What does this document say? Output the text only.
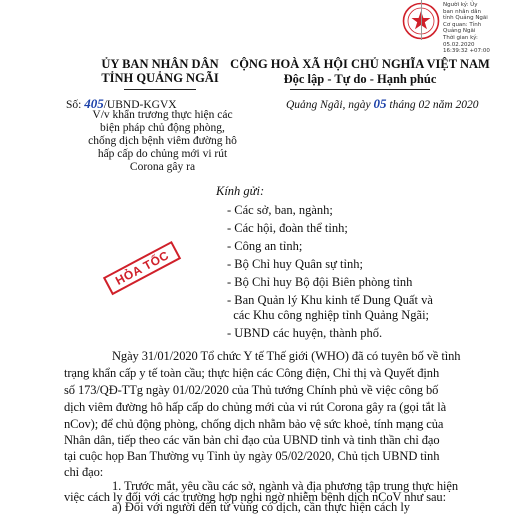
Người ký: Ủy
ban nhân dân
tỉnh Quảng Ngãi
Cơ quan: Tỉnh
Quảng Ngãi
Thời gian ký:
05.02.2020
16:39:32 +07:00
ỦY BAN NHÂN DÂN
TỈNH QUẢNG NGÃI
CỘNG HOÀ XÃ HỘI CHỦ NGHĨA VIỆT NAM
Độc lập - Tự do - Hạnh phúc
Quảng Ngãi, ngày 05 tháng 02 năm 2020
Số: 405/UBND-KGVX
V/v khẩn trương thực hiện các
biện pháp chủ động phòng,
chống dịch bệnh viêm đường hô
hấp cấp do chủng mới vi rút
Corona gây ra
HỎA TỐC
Kính gửi:
- Các sở, ban, ngành;
- Các hội, đoàn thể tỉnh;
- Công an tỉnh;
- Bộ Chỉ huy Quân sự tỉnh;
- Bộ Chỉ huy Bộ đội Biên phòng tỉnh
- Ban Quản lý Khu kinh tế Dung Quất và
các Khu công nghiệp tỉnh Quảng Ngãi;
- UBND các huyện, thành phố.
Ngày 31/01/2020 Tổ chức Y tế Thế giới (WHO) đã có tuyên bố về tình
trạng khẩn cấp y tế toàn cầu; thực hiện các Công điện, Chỉ thị và Quyết định
số 173/QĐ-TTg ngày 01/02/2020 của Thủ tướng Chính phủ về việc công bố
dịch viêm đường hô hấp cấp do chủng mới của vi rút Corona gây ra (gọi tắt là
nCov); để chủ động phòng, chống dịch nhằm bảo vệ sức khoẻ, tính mạng của
Nhân dân, tiếp theo các văn bản chỉ đạo của UBND tỉnh và tinh thần chỉ đạo
tại cuộc họp Ban Thường vụ Tỉnh ủy ngày 05/02/2020, Chủ tịch UBND tỉnh
chỉ đạo:
1. Trước mắt, yêu cầu các sở, ngành và địa phương tập trung thực hiện
việc cách ly đối với các trường hợp nghi ngờ nhiễm bệnh dịch nCoV như sau:
a) Đối với người đến từ vùng có dịch, cần thực hiện cách ly
